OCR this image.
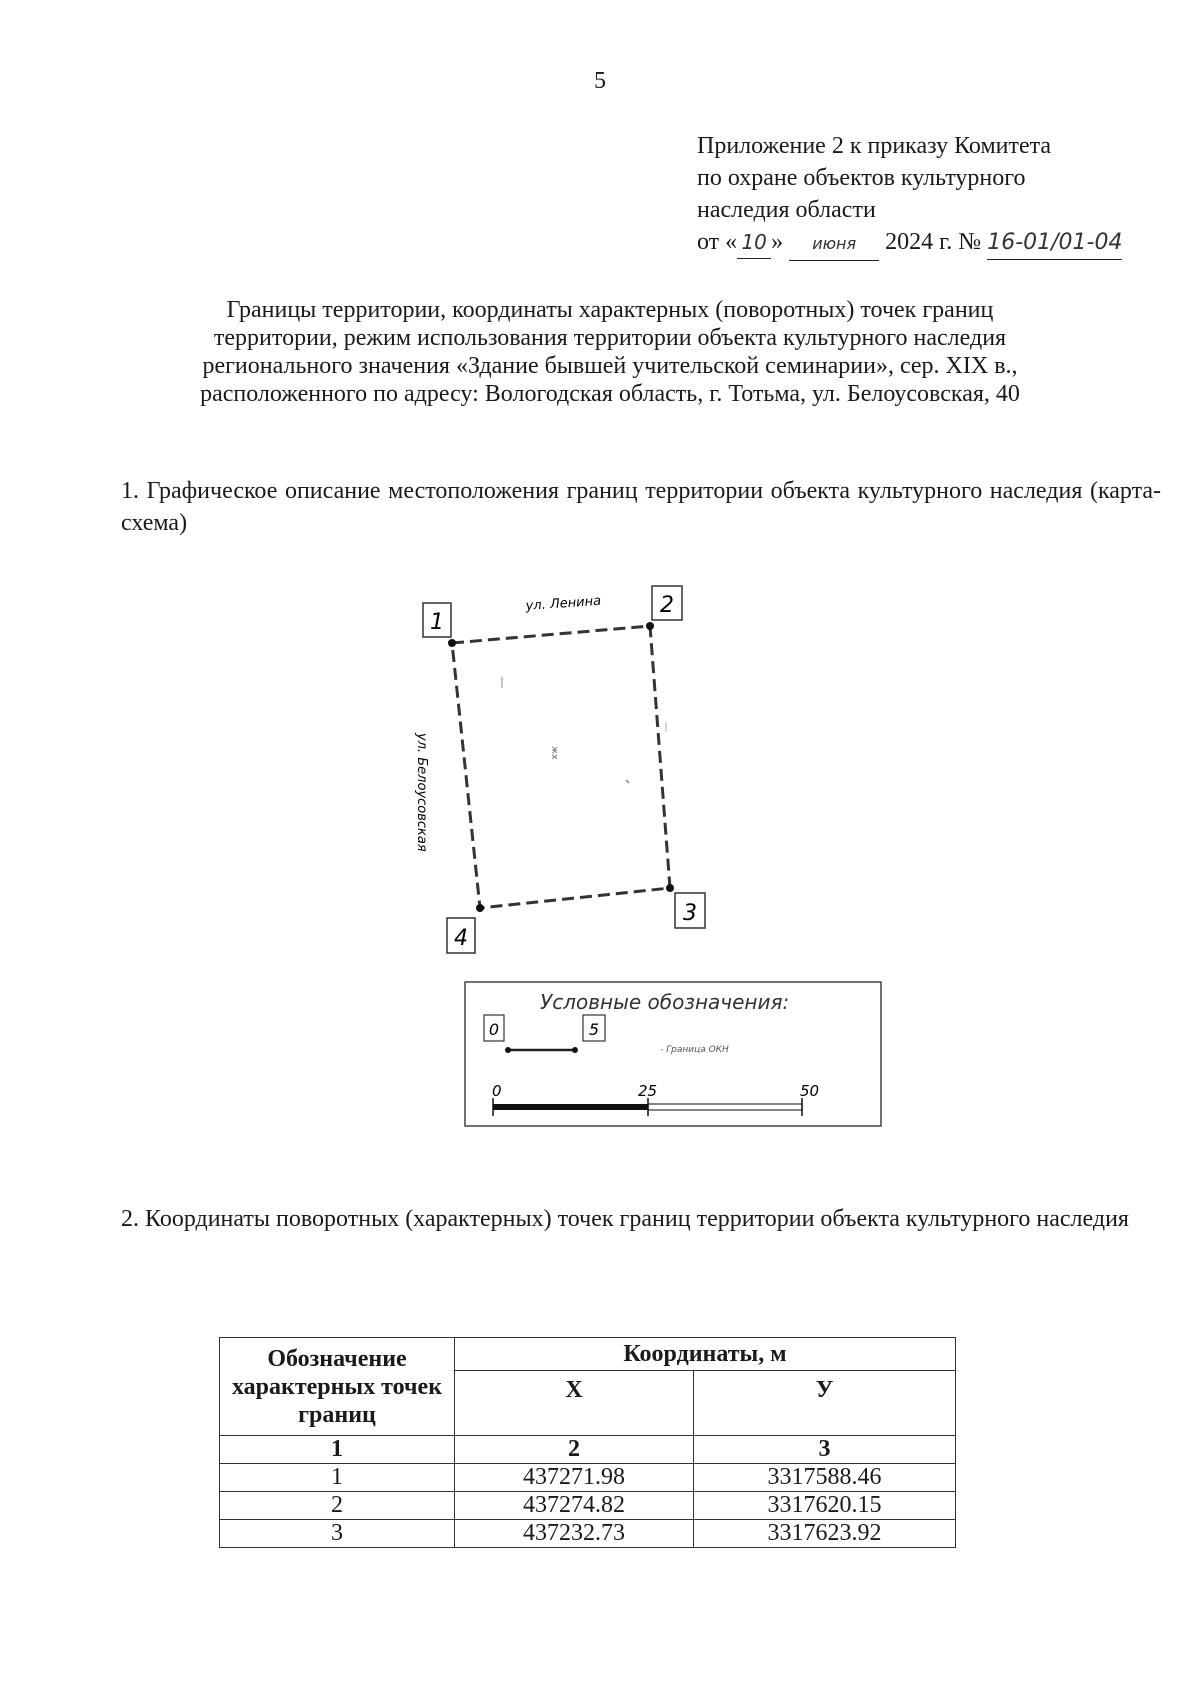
5
Приложение 2 к приказу Комитета
по охране объектов культурного
наследия области
от « 10 » июня 2024 г. № 16-01/01-04
Границы территории, координаты характерных (поворотных) точек границ
территории, режим использования территории объекта культурного наследия
регионального значения «Здание бывшей учительской семинарии», сер. XIX в.,
расположенного по адресу: Вологодская область, г. Тотьма, ул. Белоусовская, 40
1. Графическое описание местоположения границ территории объекта культурного наследия (карта-схема)
1
2
3
4
ул. Ленина
ул. Белоусовская	жх
Условные обозначения:
0	5
- Граница ОКН
0	25	50
2. Координаты поворотных (характерных) точек границ территории объекта культурного наследия
Обозначение характерных точек границ	Координаты, м	
	X	У
1	2	3
1	437271.98	3317588.46
2	437274.82	3317620.15
3	437232.73	3317623.92
